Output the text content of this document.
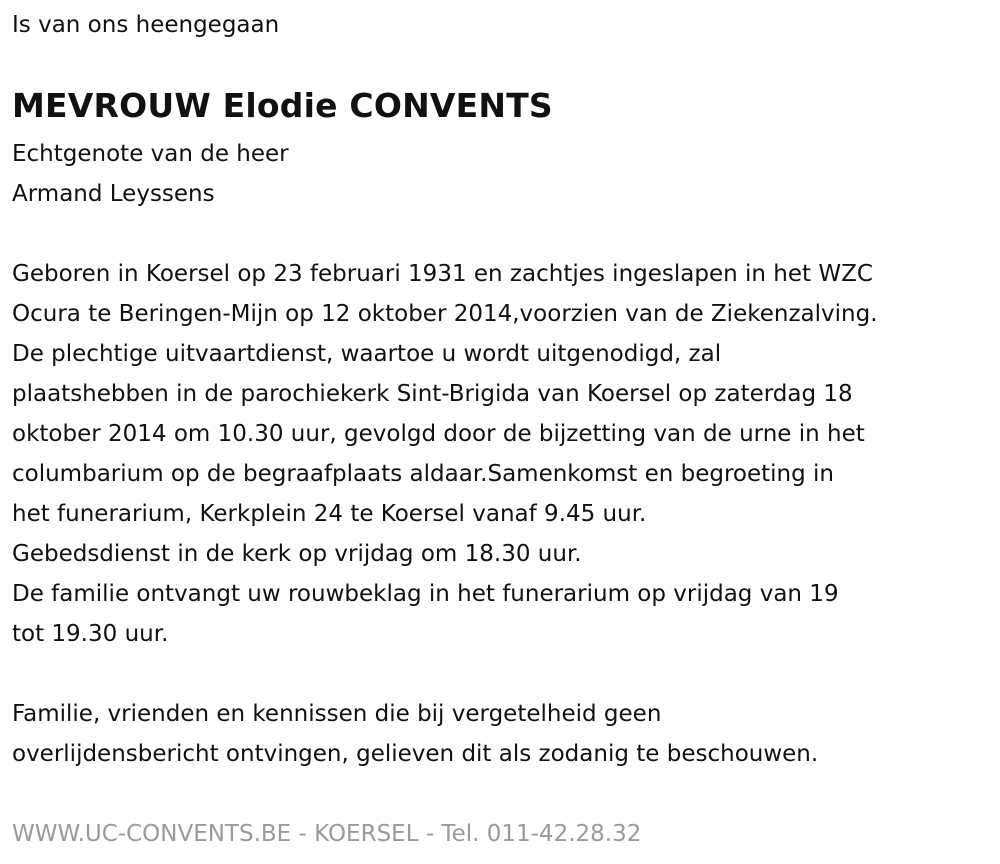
Is van ons heengegaan
MEVROUW Elodie CONVENTS
Echtgenote van de heer
Armand Leyssens
Geboren in Koersel op 23 februari 1931 en zachtjes ingeslapen in het WZC
Ocura te Beringen-Mijn op 12 oktober 2014,voorzien van de Ziekenzalving.
De plechtige uitvaartdienst, waartoe u wordt uitgenodigd, zal
plaatshebben in de parochiekerk Sint-Brigida van Koersel op zaterdag 18
oktober 2014 om 10.30 uur, gevolgd door de bijzetting van de urne in het
columbarium op de begraafplaats aldaar.Samenkomst en begroeting in
het funerarium, Kerkplein 24 te Koersel vanaf 9.45 uur.
Gebedsdienst in de kerk op vrijdag om 18.30 uur.
De familie ontvangt uw rouwbeklag in het funerarium op vrijdag van 19
tot 19.30 uur.
Familie, vrienden en kennissen die bij vergetelheid geen
overlijdensbericht ontvingen, gelieven dit als zodanig te beschouwen.
WWW.UC-CONVENTS.BE - KOERSEL - Tel. 011-42.28.32
